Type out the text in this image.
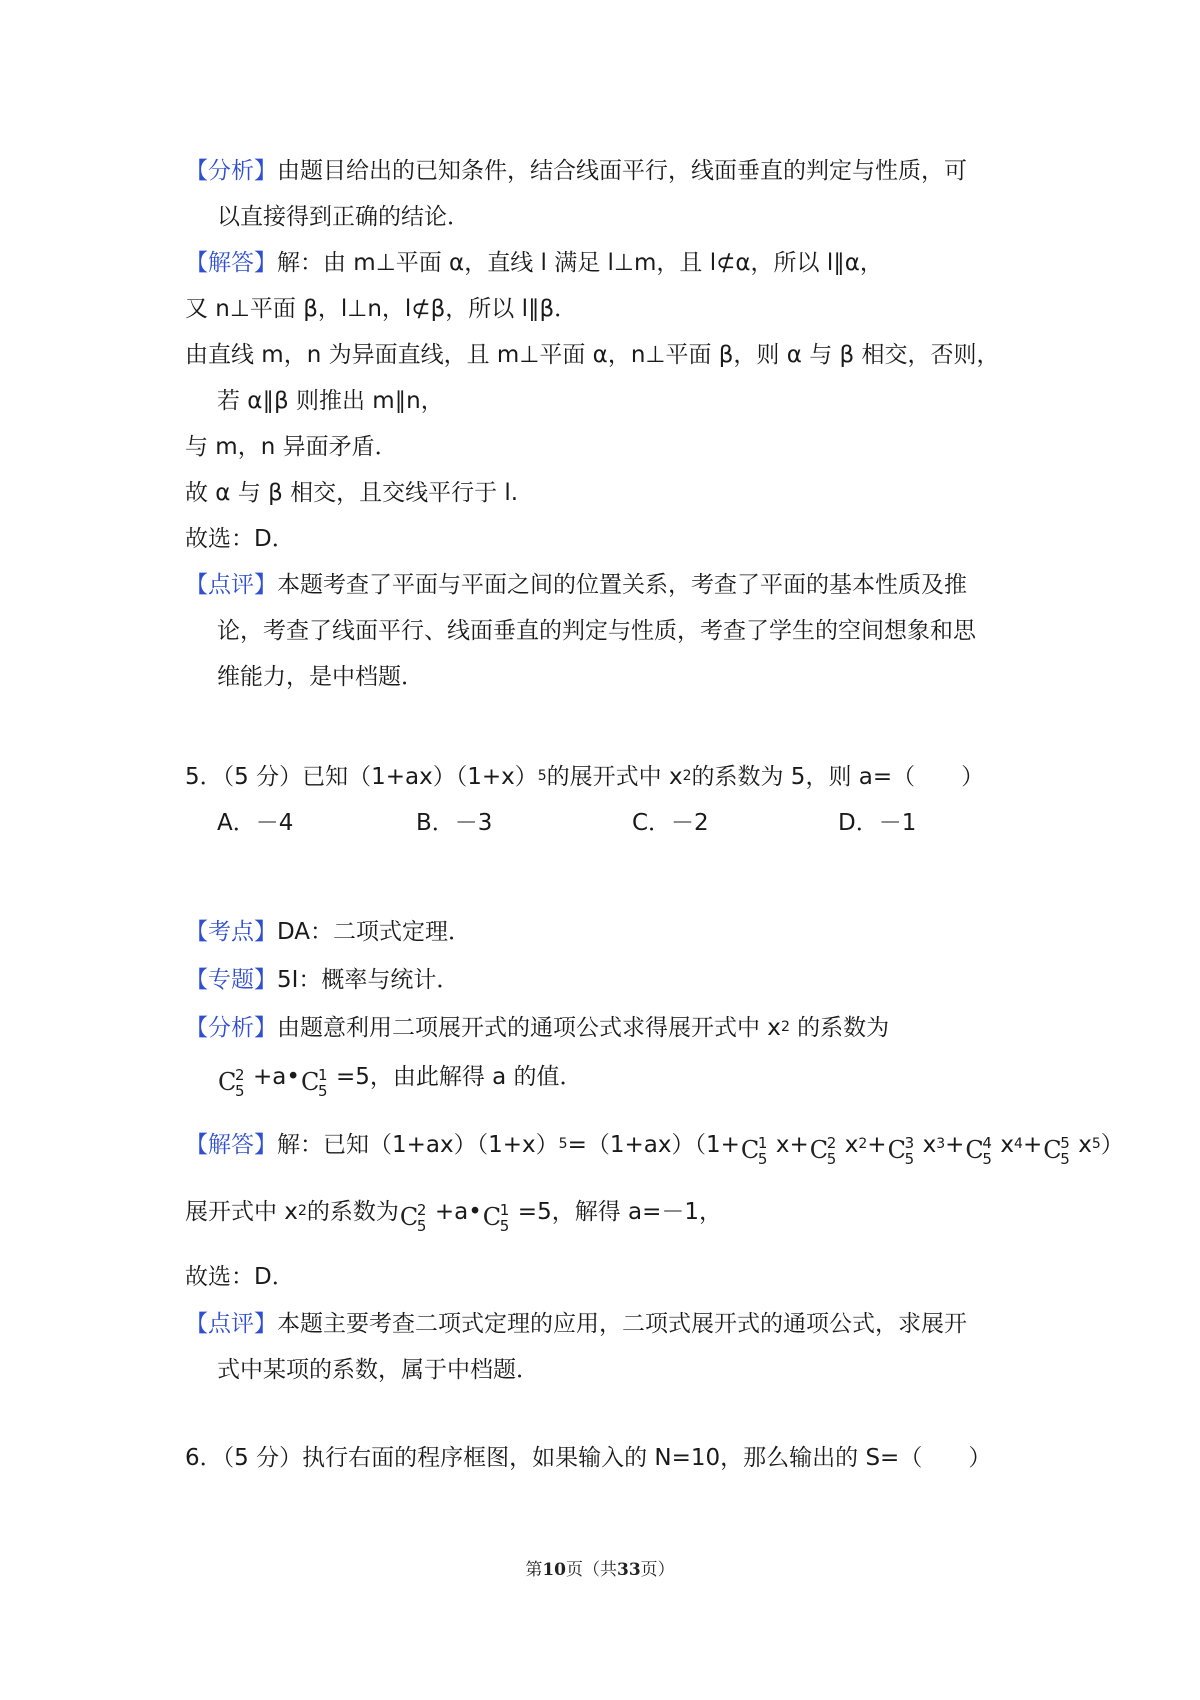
【分析】由题目给出的已知条件，结合线面平行，线面垂直的判定与性质，可
以直接得到正确的结论．
【解答】解：由 m⊥平面 α，直线 l 满足 l⊥m，且 l⊄α，所以 l∥α，
又 n⊥平面 β，l⊥n，l⊄β，所以 l∥β．
由直线 m，n 为异面直线，且 m⊥平面 α，n⊥平面 β，则 α 与 β 相交，否则，
若 α∥β 则推出 m∥n，
与 m，n 异面矛盾．
故 α 与 β 相交，且交线平行于 l.
故选：D．
【点评】本题考查了平面与平面之间的位置关系，考查了平面的基本性质及推
论，考查了线面平行、线面垂直的判定与性质，考查了学生的空间想象和思
维能力，是中档题．
5．（5 分）已知$(1+ax)(1+x)^5$的展开式中 $x^2$的系数为 5，则 a=（　　）
A．－4	B．－3	C．－2	D．－1
【考点】DA：二项式定理．
【专题】5I：概率与统计．
【分析】由题意利用二项展开式的通项公式求得展开式中 $x^2$ 的系数为
C
2
5
+a• C
1
5
=5，由此解得 a 的值．
【解答】解：已知$(1+ax)(1+x)^5=(1+ax)(1+ C$
1
5
x+ C
2
5
$x^2+ C$
3
5
$x^3+ C$
4
5
$x^4+ C$
5
5
$x^5$）
展开式中 $x^2$的系数为 C
2
5
+a• C
1
5
=5，解得 a=－1，
故选：D．
【点评】本题主要考查二项式定理的应用，二项式展开式的通项公式，求展开
式中某项的系数，属于中档题．
6．（5 分）执行右面的程序框图，如果输入的 N=10，那么输出的 S=（　　）
第10页（共33页）
